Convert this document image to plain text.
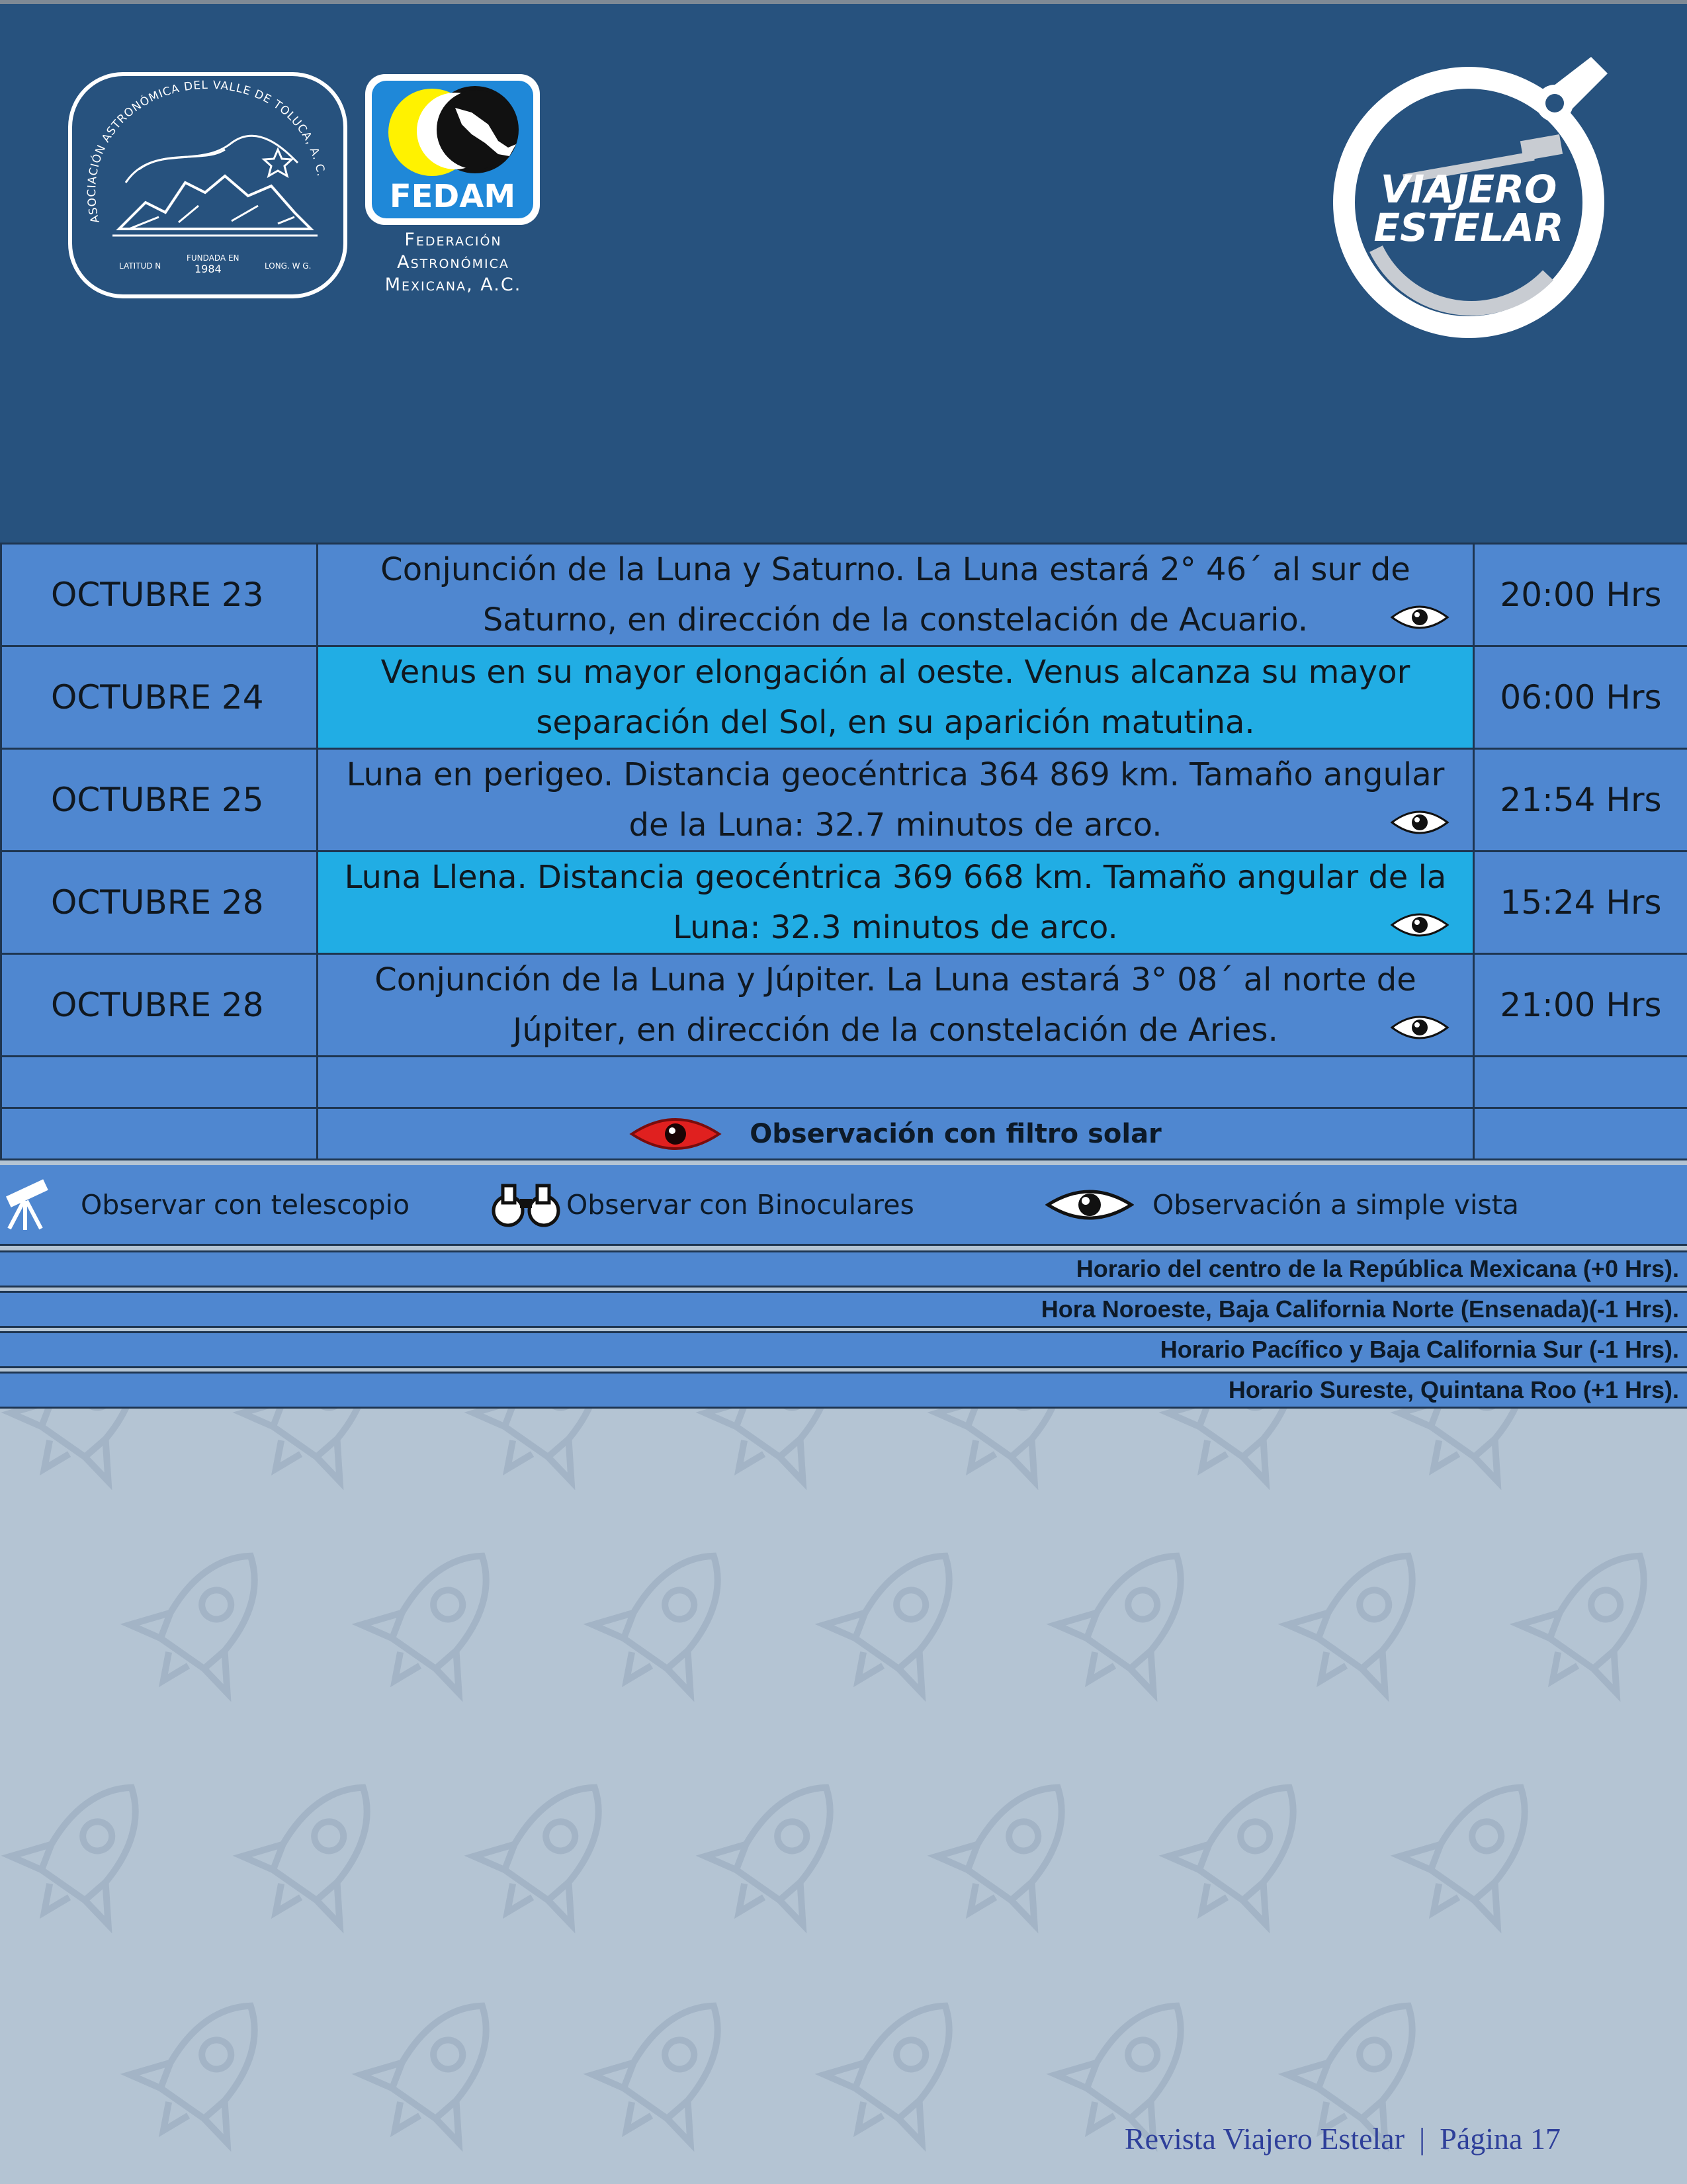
ASOCIACIÓN ASTRONÓMICA DEL VALLE DE TOLUCA, A. C.
FUNDADA EN
1984
LATITUD N	LONG. W G.
FEDAM
Federación
Astronómica
Mexicana, A.C.
VIAJERO
ESTELAR
OCTUBRE 23	Conjunción de la Luna y Saturno. La Luna estará 2° 46´ al sur de Saturno, en dirección de la constelación de Acuario.	20:00 Hrs
OCTUBRE 24	Venus en su mayor elongación al oeste. Venus alcanza su mayor separación del Sol, en su aparición matutina.	06:00 Hrs
OCTUBRE 25	Luna en perigeo. Distancia geocéntrica 364 869 km. Tamaño angular de la Luna: 32.7 minutos de arco.	21:54 Hrs
OCTUBRE 28	Luna Llena. Distancia geocéntrica 369 668 km. Tamaño angular de la Luna: 32.3 minutos de arco.	15:24 Hrs
OCTUBRE 28	Conjunción de la Luna y Júpiter. La Luna estará 3° 08´ al norte de Júpiter, en dirección de la constelación de Aries.	21:00 Hrs

	Observación con filtro solar	

Observar con telescopio	Observar con Binoculares	Observación a simple vista
Horario del centro de la República Mexicana (+0 Hrs).
Hora Noroeste, Baja California Norte (Ensenada)(-1 Hrs).
Horario Pacífico y Baja California Sur (-1 Hrs).
Horario Sureste, Quintana Roo (+1 Hrs).
Revista Viajero Estelar | Página 17
